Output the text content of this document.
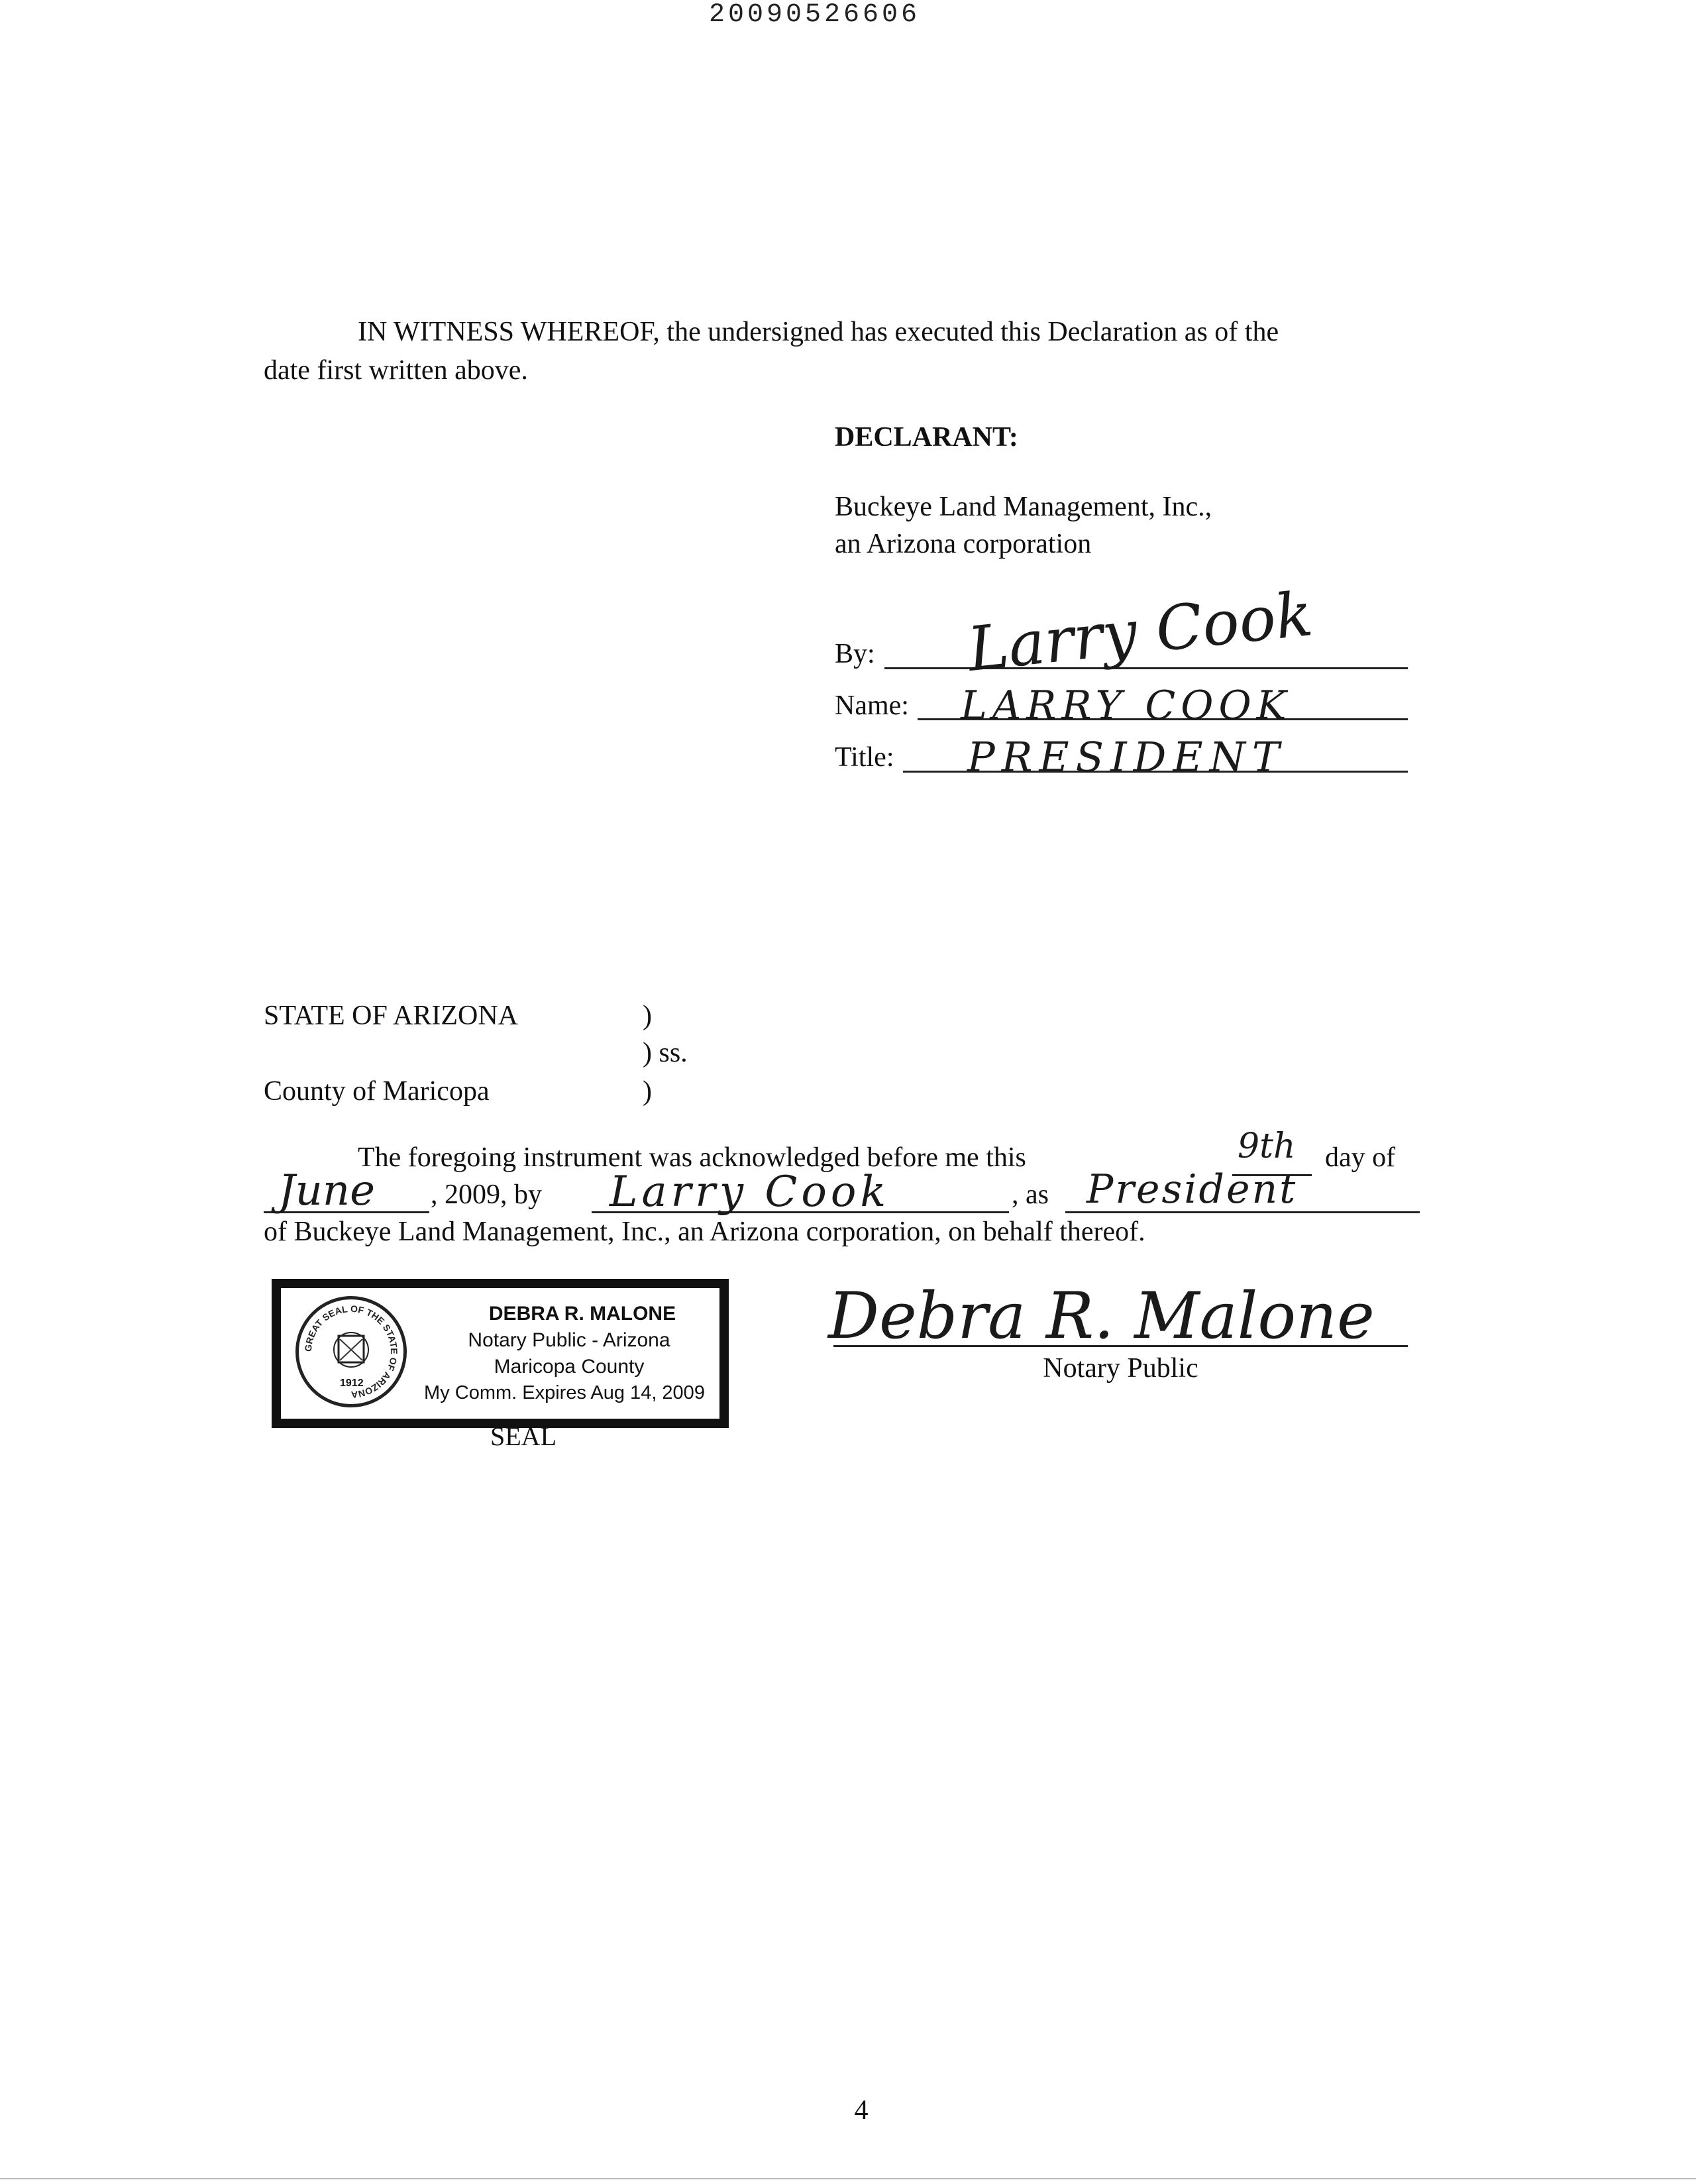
20090526606
IN WITNESS WHEREOF, the undersigned has executed this Declaration as of the
date first written above.
DECLARANT:
Buckeye Land Management, Inc.,
an Arizona corporation
By: Larry Cook
Name: LARRY COOK
Title: PRESIDENT
STATE OF ARIZONA	)
) ss.
County of Maricopa	)
The foregoing instrument was acknowledged before me this	9th day of
June , 2009, by Larry Cook	, as President
of Buckeye Land Management, Inc., an Arizona corporation, on behalf thereof.
GREAT SEAL OF THE STATE OF ARIZONA
1912
DEBRA R. MALONE
Notary Public - Arizona
Maricopa County
My Comm. Expires Aug 14, 2009
SEAL
Debra R. Malone
Notary Public
4
